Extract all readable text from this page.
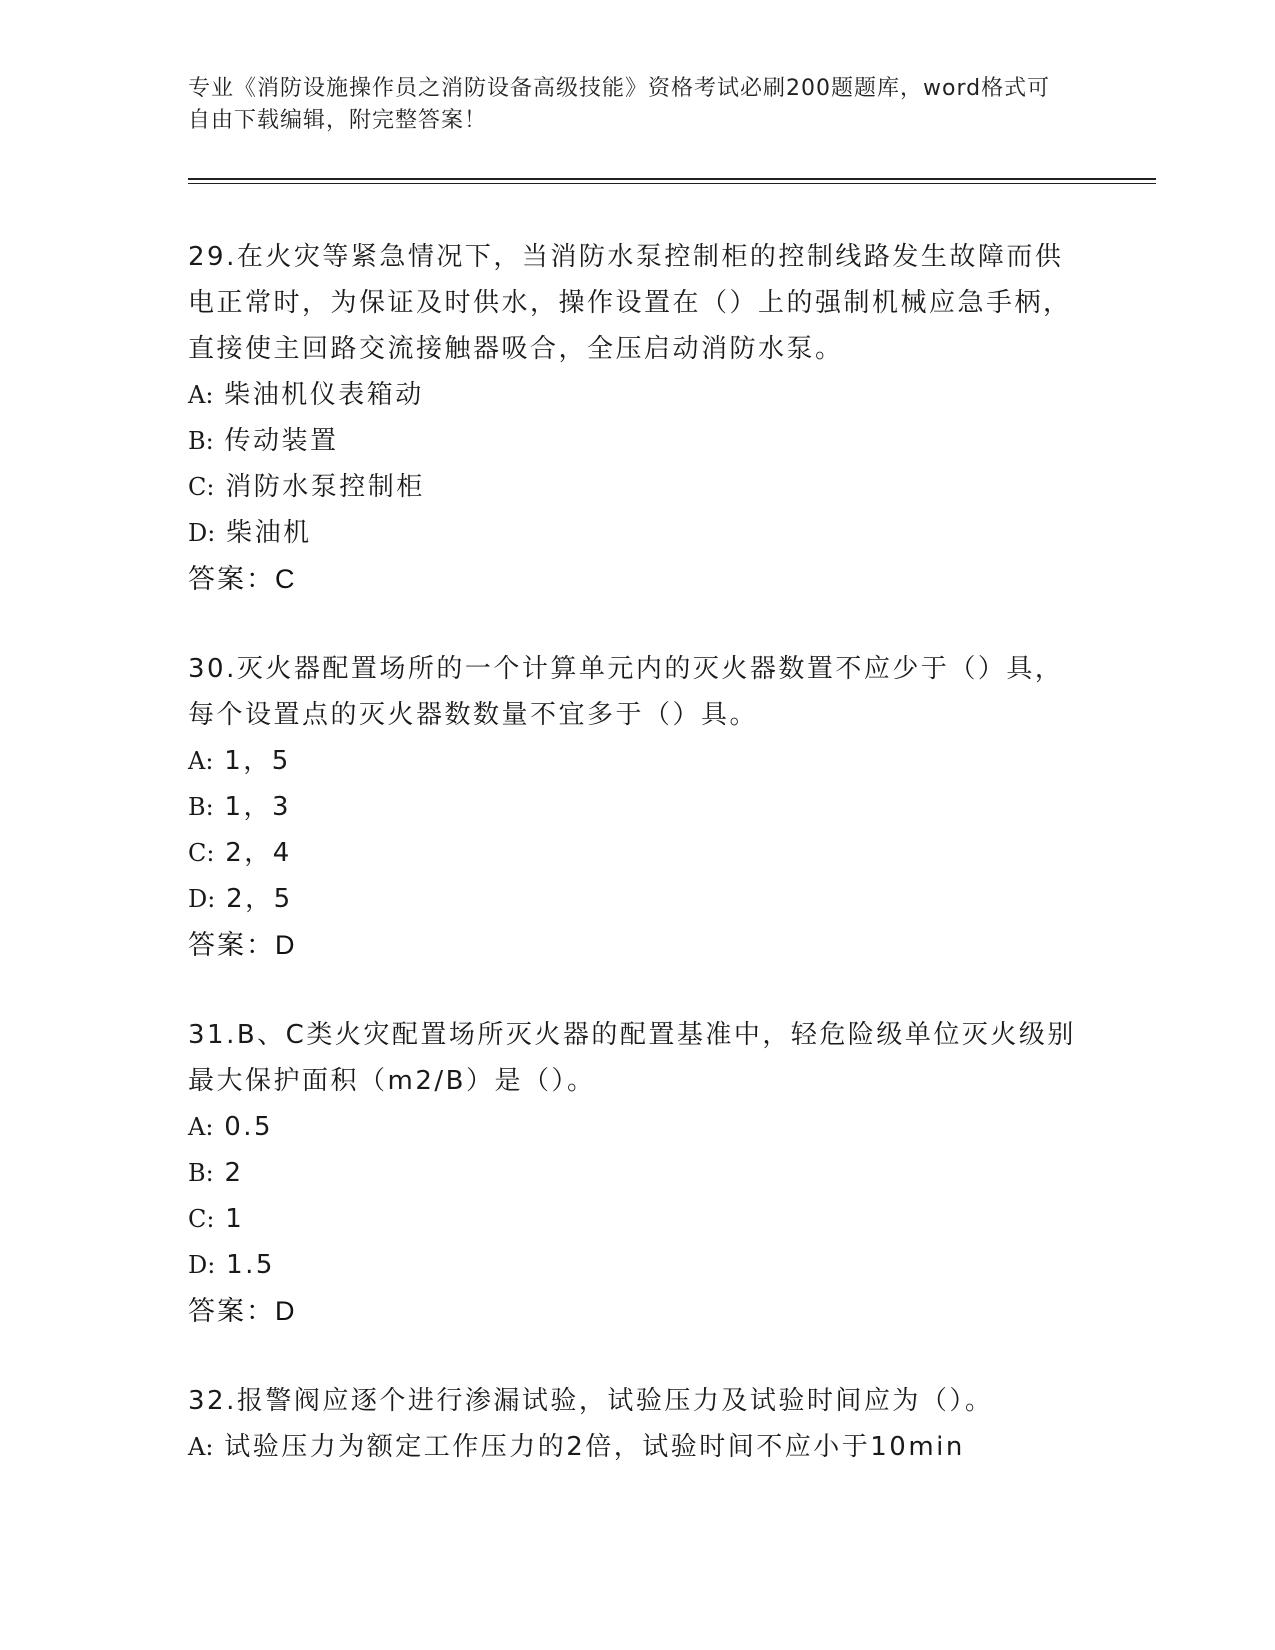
专业《消防设施操作员之消防设备高级技能》资格考试必刷200题题库，word格式可自由下载编辑，附完整答案！
29.在火灾等紧急情况下，当消防水泵控制柜的控制线路发生故障而供电正常时，为保证及时供水，操作设置在（）上的强制机械应急手柄，直接使主回路交流接触器吸合，全压启动消防水泵。
A: 柴油机仪表箱动
B: 传动装置
C: 消防水泵控制柜
D: 柴油机
答案：C
30.灭火器配置场所的一个计算单元内的灭火器数置不应少于（）具，每个设置点的灭火器数数量不宜多于（）具。
A: 1，5
B: 1，3
C: 2，4
D: 2，5
答案：D
31.B、C类火灾配置场所灭火器的配置基准中，轻危险级单位灭火级别最大保护面积（m2/B）是（）。
A: 0.5
B: 2
C: 1
D: 1.5
答案：D
32.报警阀应逐个进行渗漏试验，试验压力及试验时间应为（）。
A: 试验压力为额定工作压力的2倍，试验时间不应小于10min
